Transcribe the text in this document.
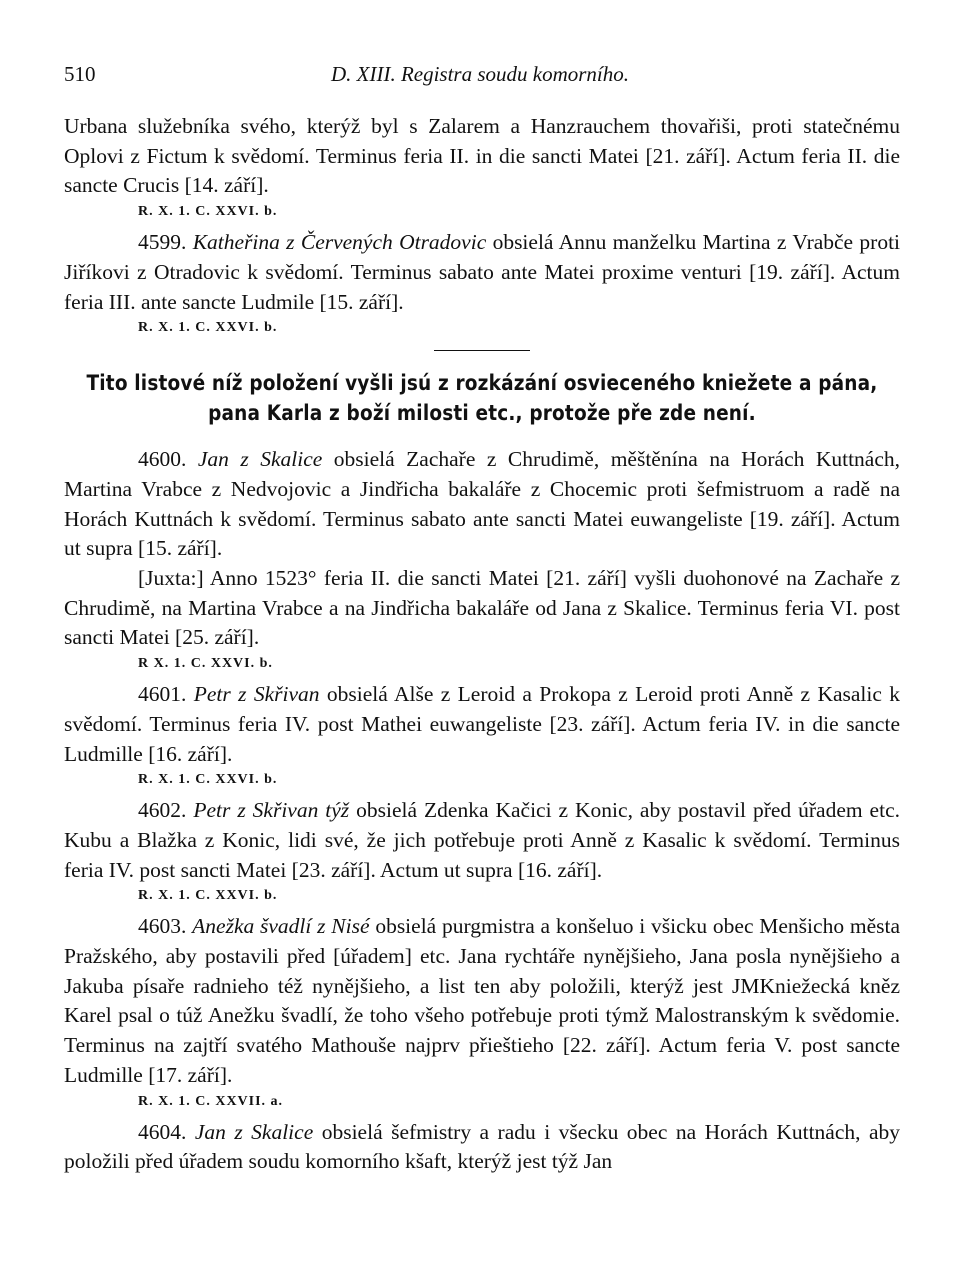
510	D. XIII. Registra soudu komorního.

Urbana služebníka svého, kterýž byl s Zalarem a Hanzrauchem thovařiši, proti statečnému Oplovi z Fictum k svědomí. Terminus feria II. in die sancti Matei [21. září]. Actum feria II. die sancte Crucis [14. září].

R. X. 1. C. XXVI. b.

4599. Katheřina z Červených Otradovic obsielá Annu manželku Martina z Vrabče proti Jiříkovi z Otradovic k svědomí. Terminus sabato ante Matei proxime venturi [19. září]. Actum feria III. ante sancte Ludmile [15. září].

R. X. 1. C. XXVI. b.
Tito listové níž položení vyšli jsú z rozkázání osvieceného kniežete a pána,
pana Karla z boží milosti etc., protože pře zde není.

4600. Jan z Skalice obsielá Zachaře z Chrudimě, měštěnína na Horách Kuttnách, Martina Vrabce z Nedvojovic a Jindřicha bakaláře z Chocemic proti šefmistruom a radě na Horách Kuttnách k svědomí. Terminus sabato ante sancti Matei euwangeliste [19. září]. Actum ut supra [15. září].

[Juxta:] Anno 1523° feria II. die sancti Matei [21. září] vyšli duohonové na Zachaře z Chrudimě, na Martina Vrabce a na Jindřicha bakaláře od Jana z Skalice. Terminus feria VI. post sancti Matei [25. září].

R X. 1. C. XXVI. b.

4601. Petr z Skřivan obsielá Alše z Leroid a Prokopa z Leroid proti Anně z Kasalic k svědomí. Terminus feria IV. post Mathei euwangeliste [23. září]. Actum feria IV. in die sancte Ludmille [16. září].

R. X. 1. C. XXVI. b.

4602. Petr z Skřivan týž obsielá Zdenka Kačici z Konic, aby postavil před úřadem etc. Kubu a Blažka z Konic, lidi své, že jich potřebuje proti Anně z Kasalic k svědomí. Terminus feria IV. post sancti Matei [23. září]. Actum ut supra [16. září].

R. X. 1. C. XXVI. b.

4603. Anežka švadlí z Nisé obsielá purgmistra a konšeluo i všicku obec Menšicho města Pražského, aby postavili před [úřadem] etc. Jana rychtáře nynějšieho, Jana posla nynějšieho a Jakuba písaře radnieho též nynějšieho, a list ten aby položili, kterýž jest JMKniežecká kněz Karel psal o túž Anežku švadlí, že toho všeho potřebuje proti týmž Malostranským k svědomie. Terminus na zajtří svatého Mathouše najprv přieštieho [22. září]. Actum feria V. post sancte Ludmille [17. září].

R. X. 1. C. XXVII. a.

4604. Jan z Skalice obsielá šefmistry a radu i všecku obec na Horách Kuttnách, aby položili před úřadem soudu komorního kšaft, kterýž jest týž Jan
